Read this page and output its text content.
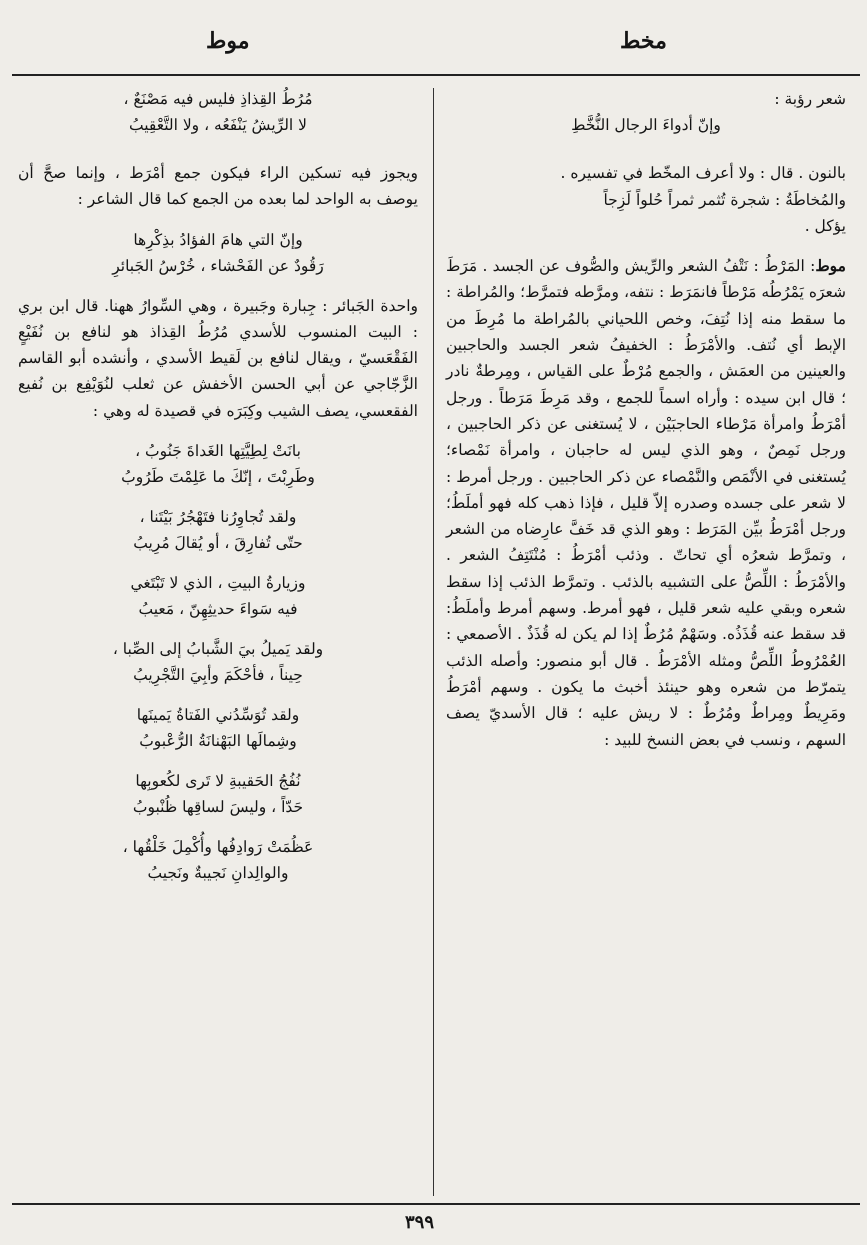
مخط
موط

شعر رؤبة :

وإنّ أدواءَ الرجال النُّخَّطِ

بالنون . قال : ولا أعرف المخّط في تفسيره .

والمُخاطَةُ : شجرة تُثمر ثمراً حُلواً لَزِجاً

يؤكل .

موط: المَرْطُ : نَتْفُ الشعر والرِّيش والصُّوف عن الجسد . مَرَطَ شعرَه يَمْرُطُه مَرْطاً فانمَرَط : نتفه، ومرَّطه فتمرَّط؛ والمُراطة : ما سقط منه إذا نُتِفَ، وخص اللحياني بالمُراطة ما مُرِطَ من الإبط أي نُتف. والأمْرَطُ : الخفيفُ شعر الجسد والحاجبين والعينين من العمَش ، والجمع مُرْطٌ على القياس ، ومِرطةٌ نادر ؛ قال ابن سيده : وأراه اسماً للجمع ، وقد مَرِطَ مَرَطاً . ورجل أمْرَطُ وامرأة مَرْطاء الحاجبَيْن ، لا يُستغنى عن ذكر الحاجبين ، ورجل نَمِصٌ ، وهو الذي ليس له حاجبان ، وامرأة نَمْصاء؛ يُستغنى في الأنْمَص والنَّمْصاء عن ذكر الحاجبين . ورجل أمرط : لا شعر على جسده وصدره إلاّ قليل ، فإذا ذهب كله فهو أملَطُ؛ ورجل أمْرَطُ بيِّن المَرَط : وهو الذي قد خَفَّ عارِضاه من الشعر ، وتمرَّط شعرُه أي تحاتّ . وذئب أمْرَطُ : مُنْتَتِفُ الشعر . والأمْرَطُ : اللِّصُّ على التشبيه بالذئب . وتمرَّط الذئب إذا سقط شعره وبقي عليه شعر قليل ، فهو أمرط. وسهم أمرط وأملَطُ: قد سقط عنه قُذَذُه. وسَهْمٌ مُرُطٌ إذا لم يكن له قُذَذٌ . الأصمعي : العُمْرُوطُ اللِّصُّ ومثله الأمْرَطُ . قال أبو منصور: وأصله الذئب يتمرّط من شعره وهو حينئذ أخبث ما يكون . وسهم أمْرَطُ ومَرِيطٌ ومِراطٌ ومُرُطٌ : لا ريش عليه ؛ قال الأسديّ يصف السهم ، ونسب في بعض النسخ للبيد :

مُرُطُ القِذاذِ فليس فيه مَصْنَعٌ ،

لا الرِّيشُ يَنْفَعُه ، ولا التَّعْقِيبُ

ويجوز فيه تسكين الراء فيكون جمع أمْرَط ، وإنما صحَّ أن يوصف به الواحد لما بعده من الجمع كما قال الشاعر :

وإنّ التي هامَ الفؤادُ بذِكْرِها

رَقُودٌ عن الفَحْشاء ، خُرْسُ الجَبائرِ

واحدة الجَبائر : جِبارة وجَبيرة ، وهي السِّوارُ ههنا. قال ابن بري : البيت المنسوب للأسدي مُرُطُ القِذاذ هو لنافع بن نُفَيْعٍ الفَقْعَسيّ ، ويقال لنافع بن لَقيط الأسدي ، وأنشده أبو القاسم الزَّجّاجي عن أبي الحسن الأخفش عن ثعلب لنُوَيْفِع بن نُفيع الفقعسي، يصف الشيب وكِبَرَه في قصيدة له وهي :

بانَتْ لِطِيَّتِها الغَداةَ جَنُوبُ ،

وطَرِبْتَ ، إنّكَ ما عَلِمْتَ طَرُوبُ

ولقد تُجاوِرُنا فتَهْجُرُ بَيْتَنا ،

حتّى تُفارِقَ ، أو يُقالَ مُرِيبُ

وزيارةُ البيتِ ، الذي لا تَبْتَغي

فيه سَواءَ حديثِهِنّ ، مَعيبُ

ولقد يَميلُ بيَ الشَّبابُ إلى الصِّبا ،

حِيناً ، فأحْكَمَ وأبِيَ التَّجْرِيبُ

ولقد تُوَسِّدُني الفَتاةُ يَمينَها

وشِمالَها البَهْنانَةُ الرُّعْبوبُ

نُفُجُ الحَقيبةِ لا تَرى لكُعوبِها

حَدّاً ، وليسَ لساقِها ظُنْبوبُ

عَظُمَتْ رَوادِفُها وأُكْمِلَ خَلْقُها ،

والوالِدانِ نَجيبةٌ ونَجيبُ

٣٩٩
